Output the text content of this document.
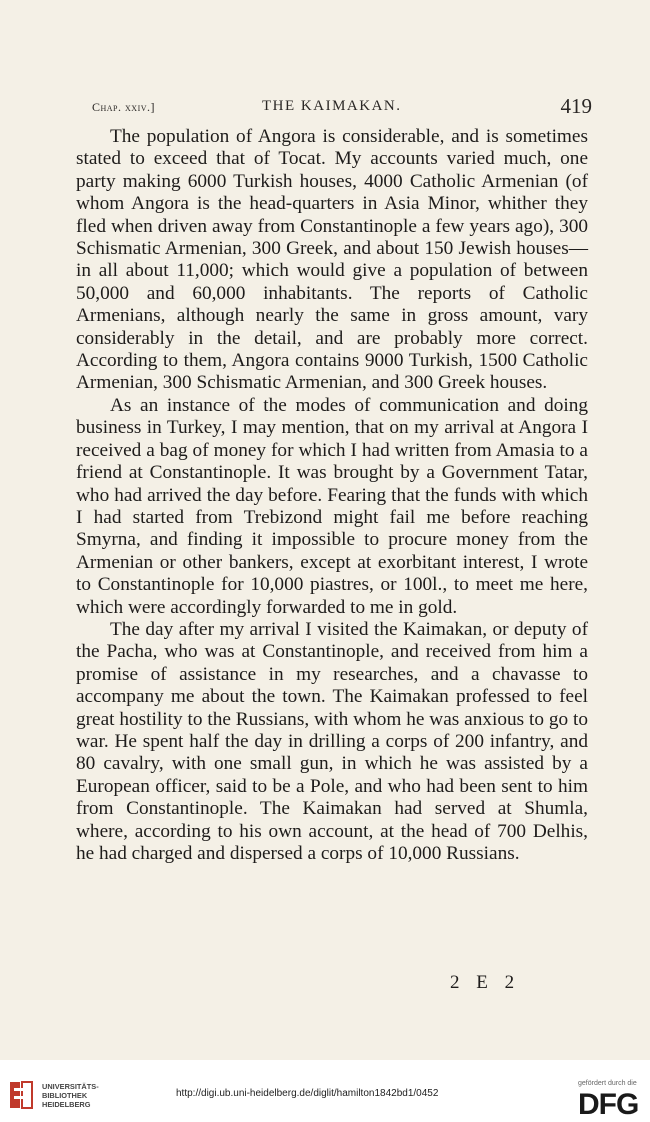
Chap. xxiv.]	THE KAIMAKAN.	419

The population of Angora is considerable, and is sometimes stated to exceed that of Tocat. My accounts varied much, one party making 6000 Turkish houses, 4000 Catholic Armenian (of whom Angora is the head-quarters in Asia Minor, whither they fled when driven away from Constantinople a few years ago), 300 Schismatic Armenian, 300 Greek, and about 150 Jewish houses—in all about 11,000; which would give a population of between 50,000 and 60,000 inhabitants. The reports of Catholic Armenians, although nearly the same in gross amount, vary considerably in the detail, and are probably more correct. According to them, Angora contains 9000 Turkish, 1500 Catholic Armenian, 300 Schismatic Armenian, and 300 Greek houses.

As an instance of the modes of communication and doing business in Turkey, I may mention, that on my arrival at Angora I received a bag of money for which I had written from Amasia to a friend at Constantinople. It was brought by a Government Tatar, who had arrived the day before. Fearing that the funds with which I had started from Trebizond might fail me before reaching Smyrna, and finding it impossible to procure money from the Armenian or other bankers, except at exorbitant interest, I wrote to Constantinople for 10,000 piastres, or 100l., to meet me here, which were accordingly forwarded to me in gold.

The day after my arrival I visited the Kaimakan, or deputy of the Pacha, who was at Constantinople, and received from him a promise of assistance in my researches, and a chavasse to accompany me about the town. The Kaimakan professed to feel great hostility to the Russians, with whom he was anxious to go to war. He spent half the day in drilling a corps of 200 infantry, and 80 cavalry, with one small gun, in which he was assisted by a European officer, said to be a Pole, and who had been sent to him from Constantinople. The Kaimakan had served at Shumla, where, according to his own account, at the head of 700 Delhis, he had charged and dispersed a corps of 10,000 Russians.

2 E 2
UNIVERSITÄTS-
BIBLIOTHEK
HEIDELBERG
http://digi.ub.uni-heidelberg.de/diglit/hamilton1842bd1/0452
gefördert durch die
DFG
